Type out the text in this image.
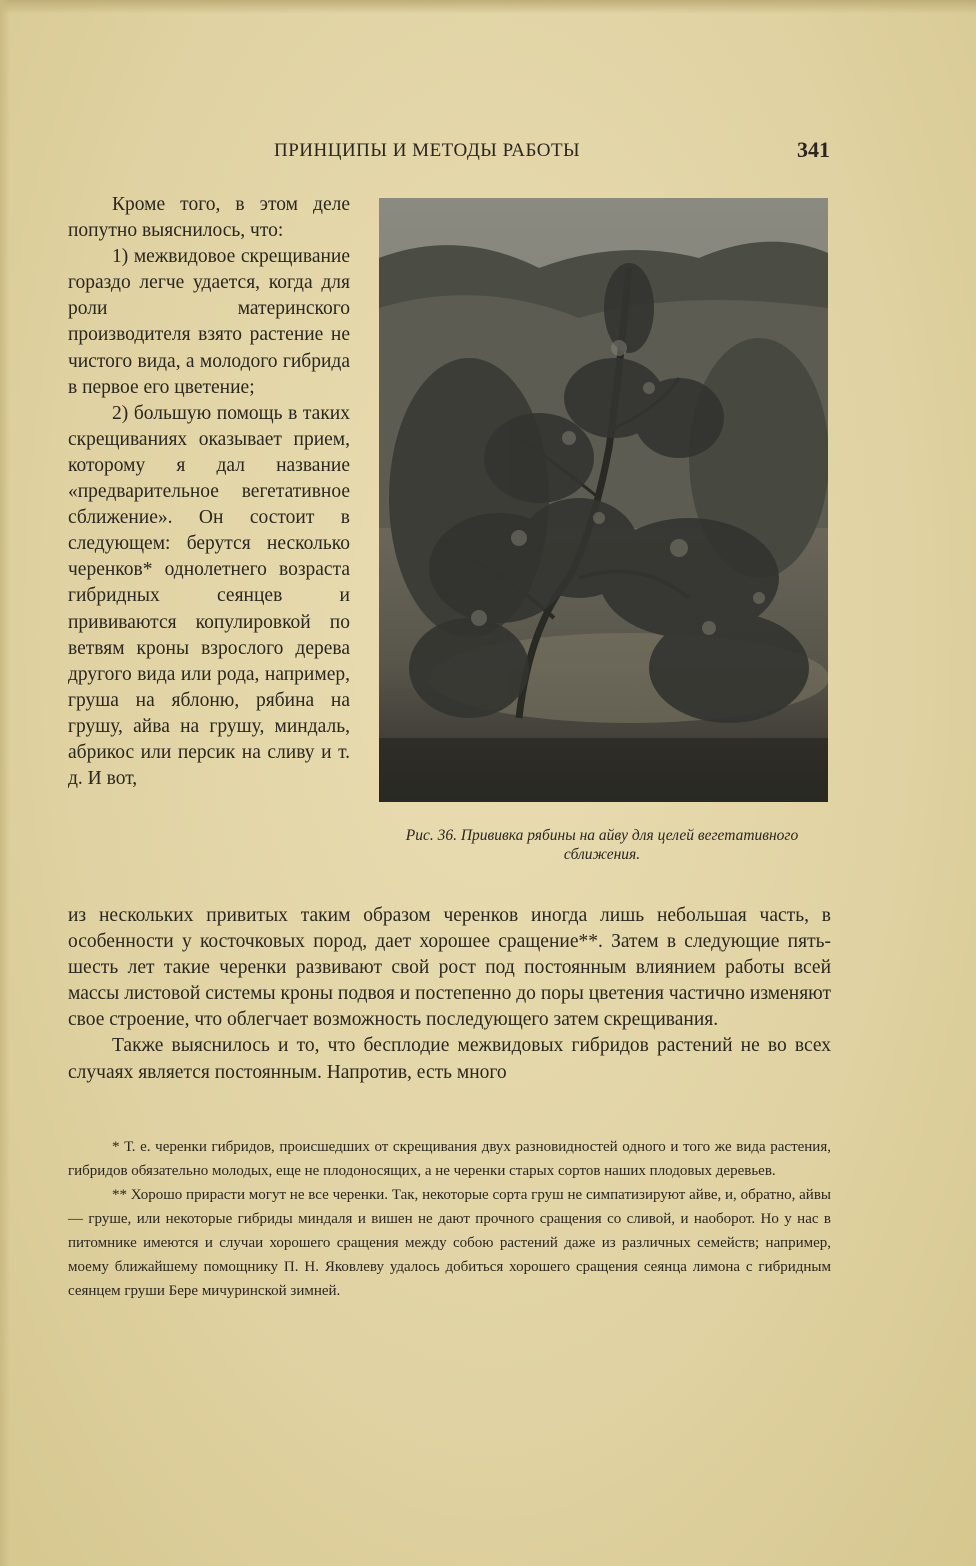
ПРИНЦИПЫ И МЕТОДЫ РАБОТЫ	341

Кроме того, в этом деле попутно выяснилось, что:

1) межвидовое скрещивание гораздо легче удается, когда для роли материнского производителя взято растение не чистого вида, а молодого гибрида в первое его цветение;

2) большую помощь в таких скрещиваниях оказывает прием, которому я дал название «предварительное вегетативное сближение». Он состоит в следующем: берутся несколько черенков* однолетнего возраста гибридных сеянцев и прививаются копулировкой по ветвям кроны взрослого дерева другого вида или рода, например, груша на яблоню, рябина на грушу, айва на грушу, миндаль, абрикос или персик на сливу и т. д. И вот,

Рис. 36. Прививка рябины на айву для целей вегетативного сближения.

из нескольких привитых таким образом черенков иногда лишь небольшая часть, в особенности у косточковых пород, дает хорошее сращение**. Затем в следующие пять-шесть лет такие черенки развивают свой рост под постоянным влиянием работы всей массы листовой системы кроны подвоя и постепенно до поры цветения частично изменяют свое строение, что облегчает возможность последующего затем скрещивания.

Также выяснилось и то, что бесплодие межвидовых гибридов растений не во всех случаях является постоянным. Напротив, есть много

* Т. е. черенки гибридов, происшедших от скрещивания двух разновидностей одного и того же вида растения, гибридов обязательно молодых, еще не плодоносящих, а не черенки старых сортов наших плодовых деревьев.

** Хорошо прирасти могут не все черенки. Так, некоторые сорта груш не симпатизируют айве, и, обратно, айвы — груше, или некоторые гибриды миндаля и вишен не дают прочного сращения со сливой, и наоборот. Но у нас в питомнике имеются и случаи хорошего сращения между собою растений даже из различных семейств; например, моему ближайшему помощнику П. Н. Яковлеву удалось добиться хорошего сращения сеянца лимона с гибридным сеянцем груши Бере мичуринской зимней.
